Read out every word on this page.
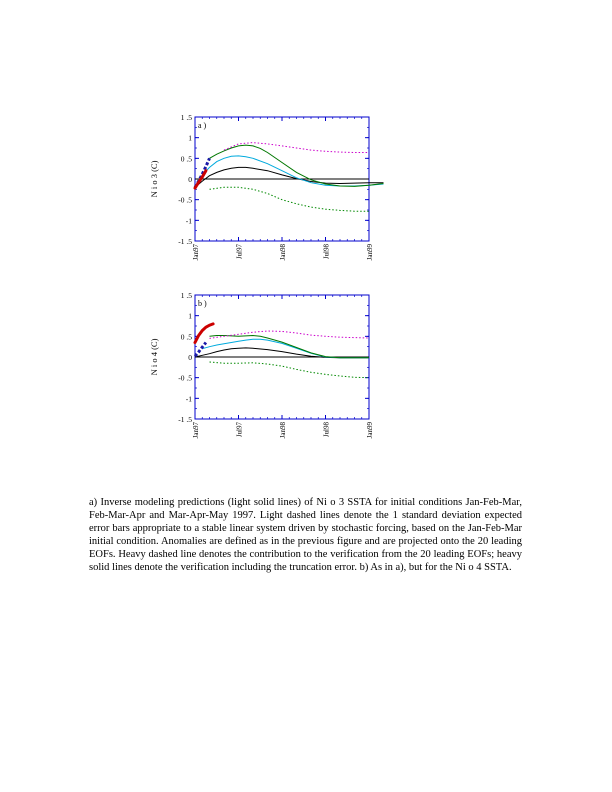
-1 .5
-1
-0 .5
0
0 .5
1
1 .5
Jan97	Jul97	Jan98	Jul98	Jan99
N i o 3 (C)
a )
-1 .5
-1
-0 .5
0
0 .5
1
1 .5
Jan97	Jul97	Jan98	Jul98	Jan99
N i o 4 (C)
b )
a) Inverse modeling predictions (light solid lines) of Ni o 3 SSTA for initial conditions Jan-Feb-Mar, Feb-Mar-Apr and Mar-Apr-May 1997. Light dashed lines denote the 1 standard deviation expected error bars appropriate to a stable linear system driven by stochastic forcing, based on the Jan-Feb-Mar initial condition. Anomalies are defined as in the previous figure and are projected onto the 20 leading EOFs. Heavy dashed line denotes the contribution to the verification from the 20 leading EOFs; heavy solid lines denote the verification including the truncation error. b) As in a), but for the Ni o 4 SSTA.
